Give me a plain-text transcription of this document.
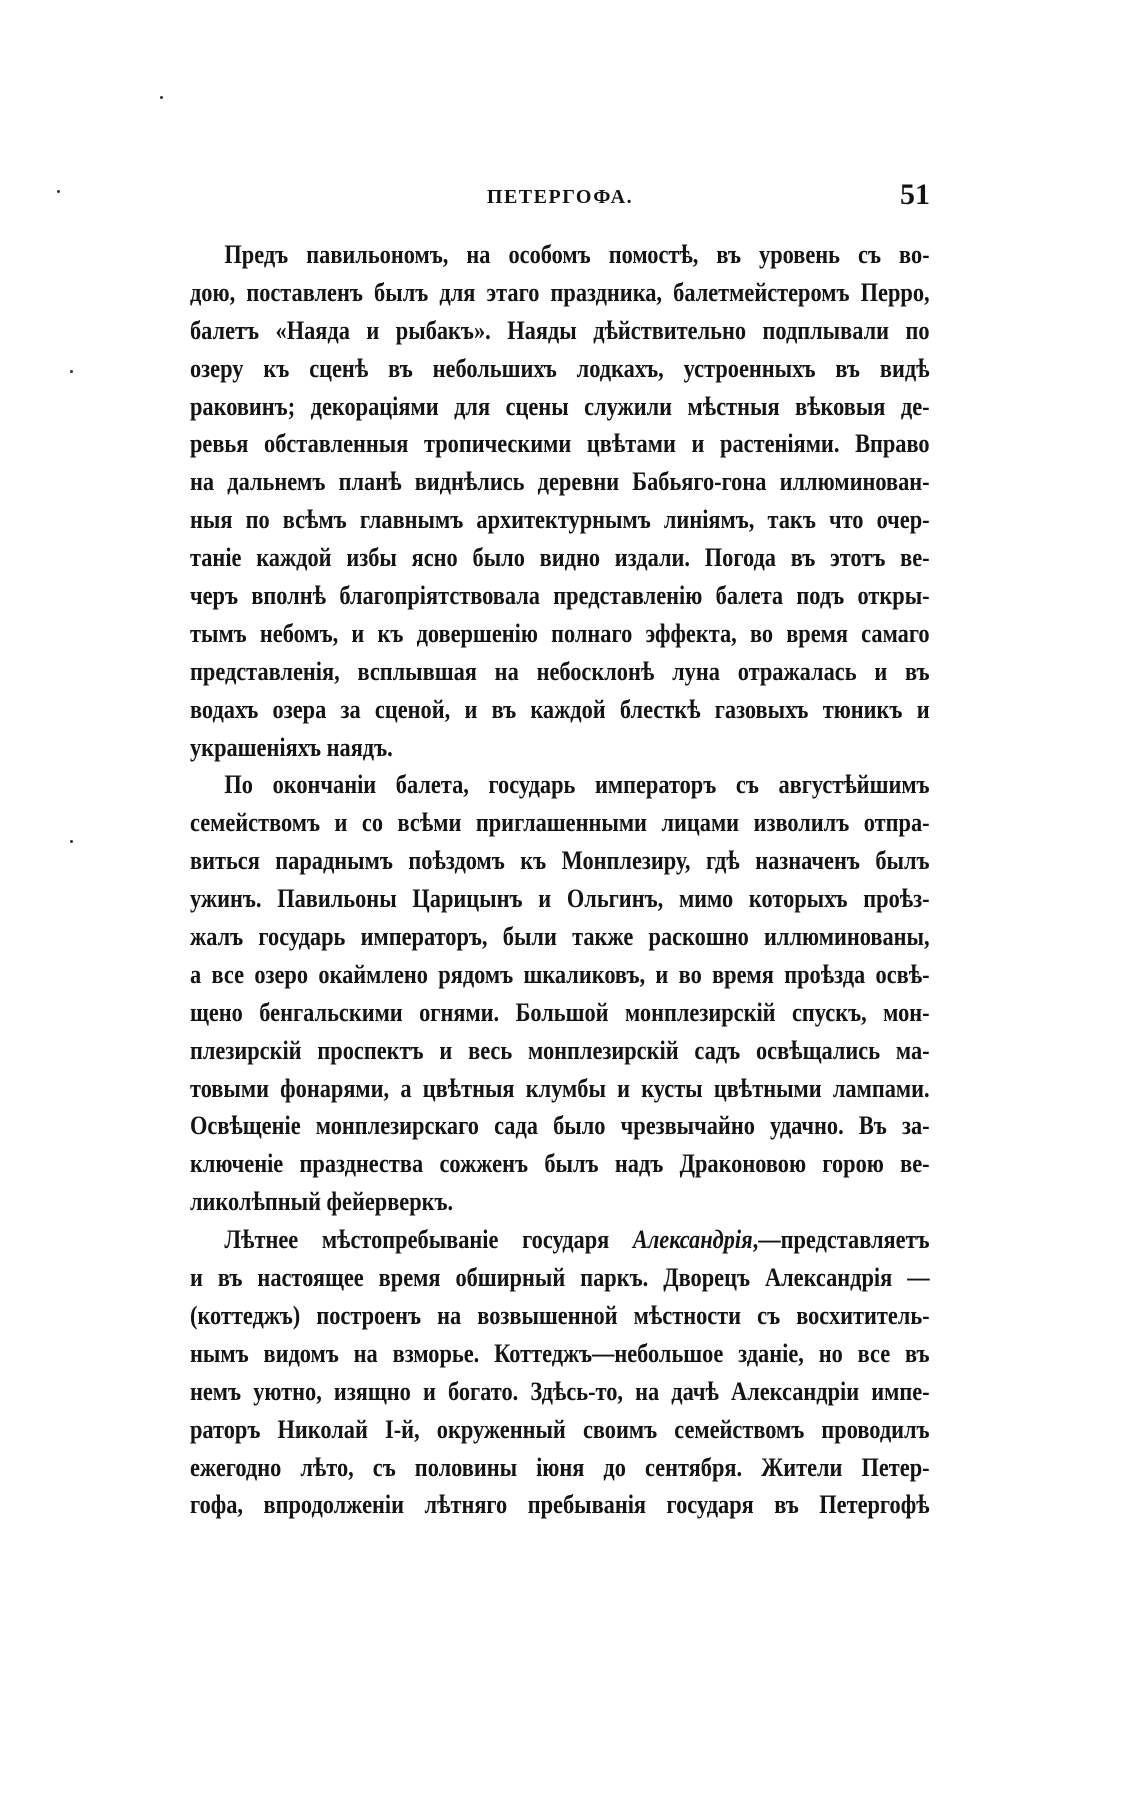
ПЕТЕРГОФА.	51
Предъ павильономъ, на особомъ помостѣ, въ уровень съ во-
дою, поставленъ былъ для этаго праздника, балетмейстеромъ Перро,
балетъ «Наяда и рыбакъ». Наяды дѣйствительно подплывали по
озеру къ сценѣ въ небольшихъ лодкахъ, устроенныхъ въ видѣ
раковинъ; декораціями для сцены служили мѣстныя вѣковыя де-
ревья обставленныя тропическими цвѣтами и растеніями. Вправо
на дальнемъ планѣ виднѣлись деревни Бабьяго-гона иллюминован-
ныя по всѣмъ главнымъ архитектурнымъ линіямъ, такъ что очер-
таніе каждой избы ясно было видно издали. Погода въ этотъ ве-
черъ вполнѣ благопріятствовала представленію балета подъ откры-
тымъ небомъ, и къ довершенію полнаго эффекта, во время самаго
представленія, всплывшая на небосклонѣ луна отражалась и въ
водахъ озера за сценой, и въ каждой блесткѣ газовыхъ тюникъ и
украшеніяхъ наядъ.
По окончаніи балета, государь императоръ съ августѣйшимъ
семействомъ и со всѣми приглашенными лицами изволилъ отпра-
виться парaднымъ поѣздомъ къ Монплезиру, гдѣ назначенъ былъ
ужинъ. Павильоны Царицынъ и Ольгинъ, мимо которыхъ проѣз-
жалъ государь императоръ, были также раскошно иллюминованы,
а все озеро окаймлено рядомъ шкаликовъ, и во время проѣзда освѣ-
щено бенгальскими огнями. Большой монплезирскій спускъ, мон-
плезирскій проспектъ и весь монплезирскій садъ освѣщались ма-
товыми фонарями, а цвѣтныя клумбы и кусты цвѣтными лампами.
Освѣщеніе монплезирскаго сада было чрезвычайно удачно. Въ за-
ключеніе празднества сожженъ былъ надъ Драконовою горою ве-
ликолѣпный фейерверкъ.
Лѣтнее мѣстопребываніе государя Александрія,—представляетъ
и въ настоящее время обширный паркъ. Дворецъ Александрія —
(коттеджъ) построенъ на возвышенной мѣстности съ восхититель-
нымъ видомъ на взморье. Коттеджъ—небольшое зданіе, но все въ
немъ уютно, изящно и богато. Здѣсь-то, на дачѣ Александріи импе-
раторъ Николай I-й, окруженный своимъ семействомъ проводилъ
ежегодно лѣто, съ половины іюня до сентября. Жители Петер-
гофа, впродолженіи лѣтняго пребыванія государя въ Петергофѣ
